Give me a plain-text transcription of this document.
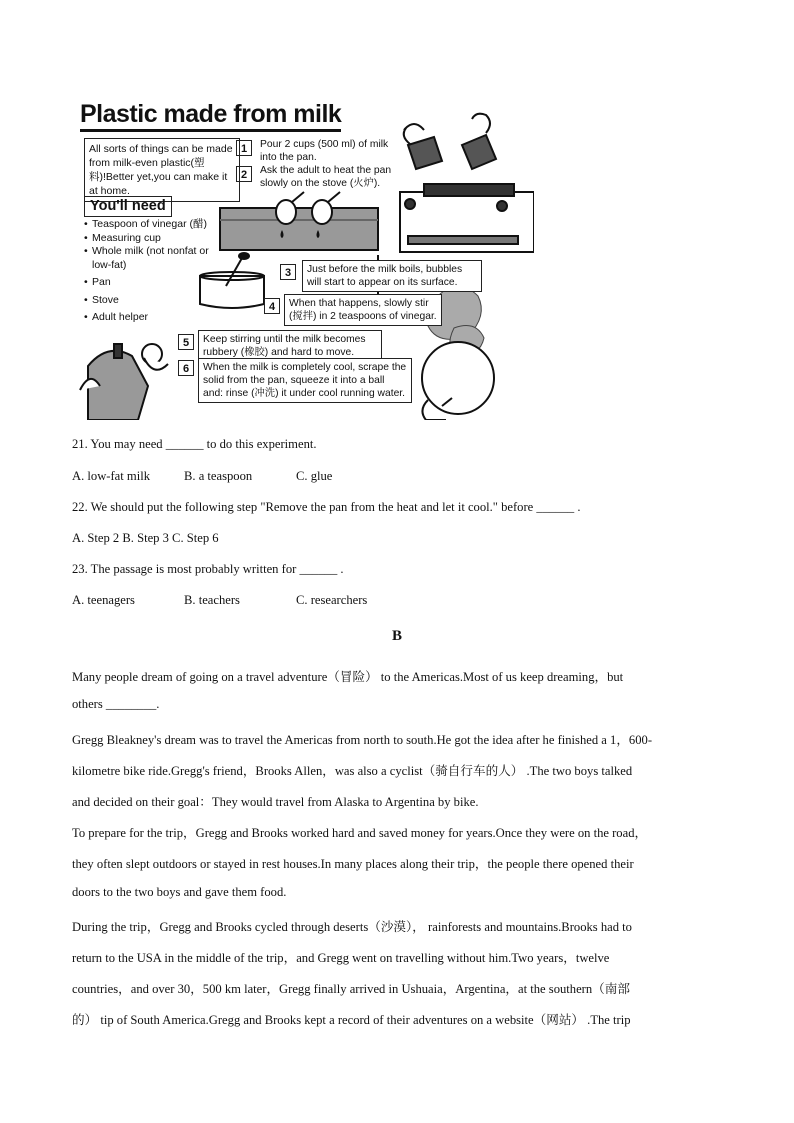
Plastic made from milk
All sorts of things can be made from milk-even plastic(塑料)!Better yet,you can make it at home.
You'll need
• Teaspoon of vinegar (醋)
• Measuring cup
• Whole milk (not nonfat or low-fat)
• Pan
• Stove
• Adult helper
1	Pour 2 cups (500 ml) of milk into the pan.
2	Ask the adult to heat the pan slowly on the stove (火炉).
3	Just before the milk boils, bubbles will start to appear on its surface.
4	When that happens, slowly stir (搅拌) in 2 teaspoons of vinegar.
5	Keep stirring until the milk becomes rubbery (橡胶) and hard to move.
6	When the milk is completely cool, scrape the solid from the pan, squeeze it into a ball and: rinse (冲洗) it under cool running water.
21. You may need ______ to do this experiment.
A. low-fat milk	B. a teaspoon	C. glue
22. We should put the following step "Remove the pan from the heat and let it cool." before ______ .
A. Step 2 B. Step 3 C. Step 6
23. The passage is most probably written for ______ .
A. teenagers	B. teachers	C. researchers
B
Many people dream of going on a travel adventure（冒险） to the Americas.Most of us keep dreaming，but
others ________.
Gregg Bleakney's dream was to travel the Americas from north to south.He got the idea after he finished a 1，600-
kilometre bike ride.Gregg's friend，Brooks Allen，was also a cyclist（骑自行车的人） .The two boys talked
and decided on their goal：They would travel from Alaska to Argentina by bike.
To prepare for the trip，Gregg and Brooks worked hard and saved money for years.Once they were on the road，
they often slept outdoors or stayed in rest houses.In many places along their trip，the people there opened their
doors to the two boys and gave them food.
During the trip，Gregg and Brooks cycled through deserts（沙漠）， rainforests and mountains.Brooks had to
return to the USA in the middle of the trip，and Gregg went on travelling without him.Two years，twelve
countries，and over 30，500 km later，Gregg finally arrived in Ushuaia，Argentina，at the southern（南部
的） tip of South America.Gregg and Brooks kept a record of their adventures on a website（网站） .The trip
